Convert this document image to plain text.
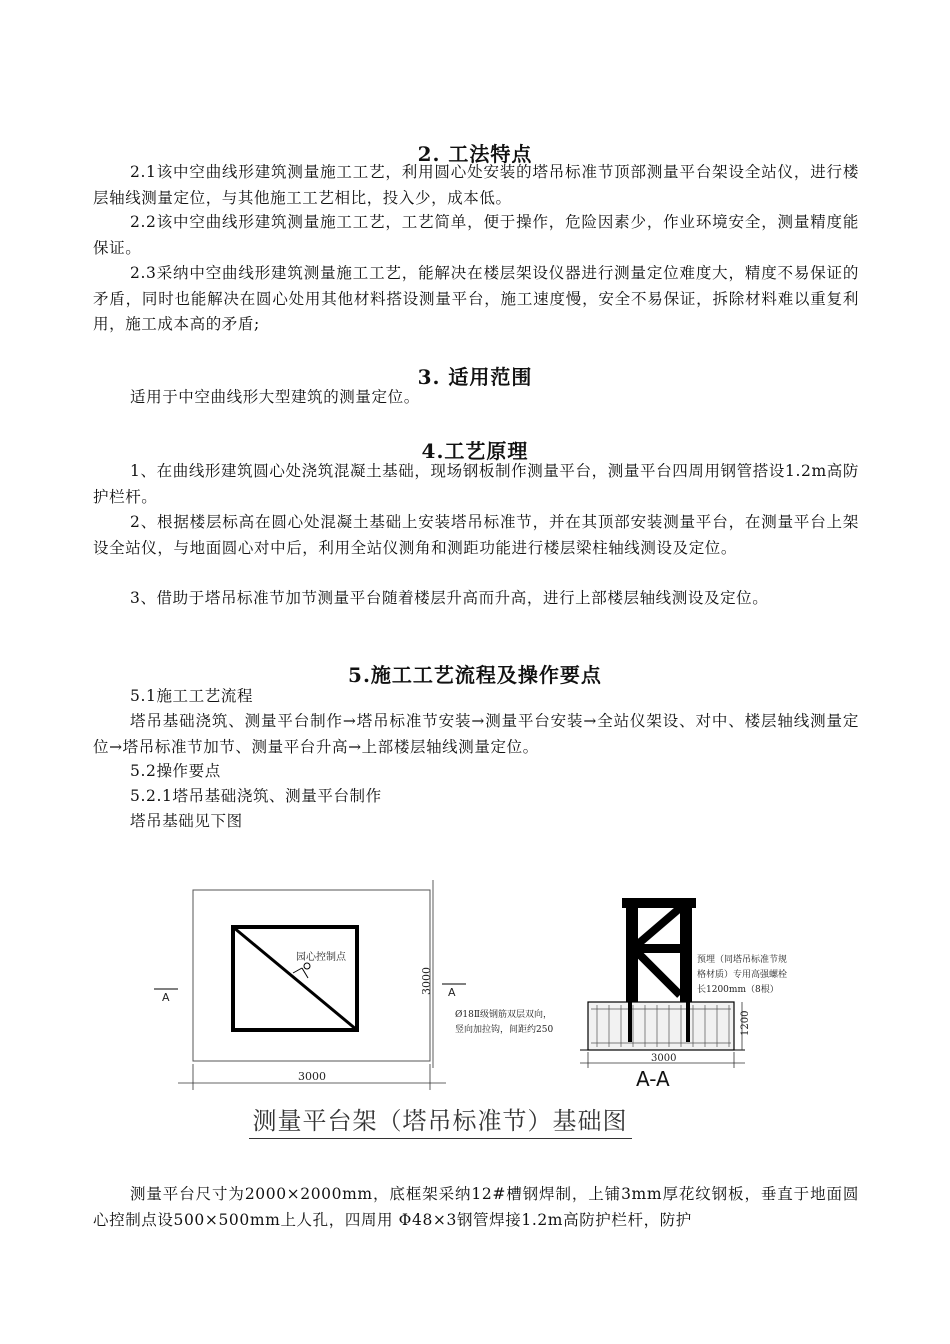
2. 工法特点

2.1该中空曲线形建筑测量施工工艺，利用圆心处安装的塔吊标准节顶部测量平台架设全站仪，进行楼层轴线测量定位，与其他施工工艺相比，投入少，成本低。

2.2该中空曲线形建筑测量施工工艺，工艺简单，便于操作，危险因素少，作业环境安全，测量精度能保证。

2.3采纳中空曲线形建筑测量施工工艺，能解决在楼层架设仪器进行测量定位难度大，精度不易保证的矛盾，同时也能解决在圆心处用其他材料搭设测量平台，施工速度慢，安全不易保证，拆除材料难以重复利用，施工成本高的矛盾;

3. 适用范围

适用于中空曲线形大型建筑的测量定位。

4.工艺原理

1、在曲线形建筑圆心处浇筑混凝土基础，现场钢板制作测量平台，测量平台四周用钢管搭设1.2m高防护栏杆。

2、根据楼层标高在圆心处混凝土基础上安装塔吊标准节，并在其顶部安装测量平台，在测量平台上架设全站仪，与地面圆心对中后，利用全站仪测角和测距功能进行楼层梁柱轴线测设及定位。

3、借助于塔吊标准节加节测量平台随着楼层升高而升高，进行上部楼层轴线测设及定位。

5.施工工艺流程及操作要点
5.1施工工艺流程

塔吊基础浇筑、测量平台制作→塔吊标准节安装→测量平台安装→全站仪架设、对中、楼层轴线测量定位→塔吊标准节加节、测量平台升高→上部楼层轴线测量定位。

5.2操作要点
5.2.1塔吊基础浇筑、测量平台制作
塔吊基础见下图
园心控制点
A	A
3000
3000
预埋（同塔吊标准节规
格材质）专用高强螺栓
长1200mm（8根）
Ø18Ⅱ级钢筋双层双向，
竖向加拉钩，间距约250	1200
3000
A-A
测量平台架（塔吊标准节）基础图

测量平台尺寸为2000×2000mm，底框架采纳12#槽钢焊制，上铺3mm厚花纹钢板，垂直于地面圆心控制点设500×500mm上人孔，四周用 Φ48×3钢管焊接1.2m高防护栏杆，防护
